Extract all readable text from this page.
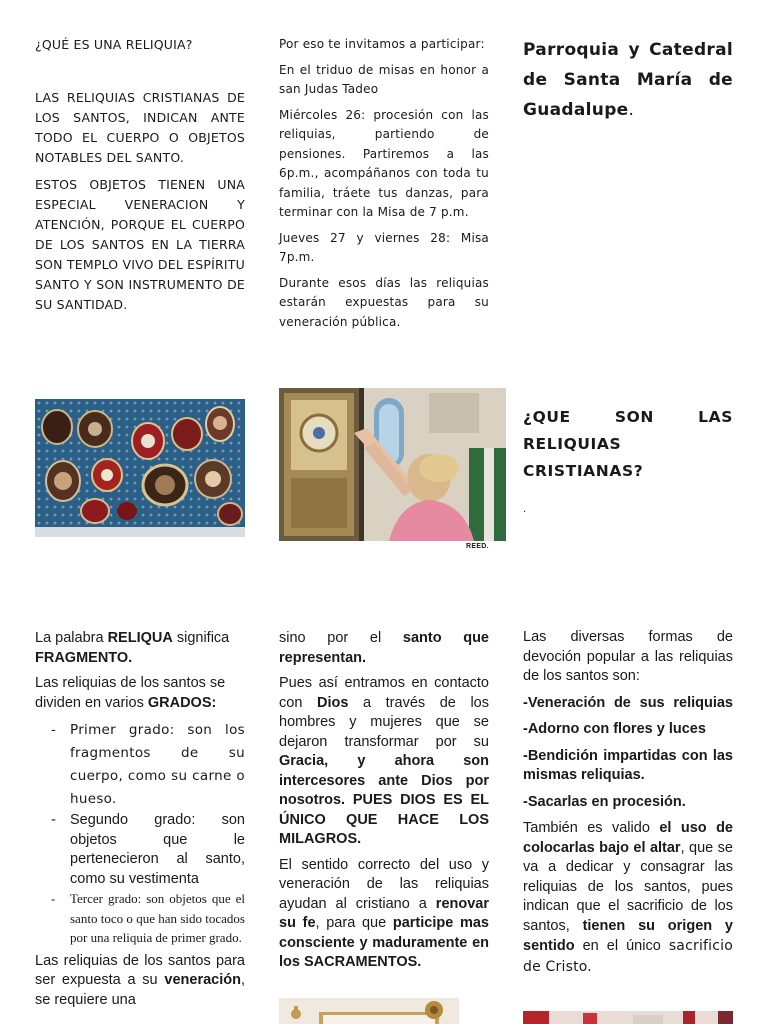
¿QUÉ ES UNA RELIQUIA?

LAS RELIQUIAS CRISTIANAS DE LOS SANTOS, INDICAN ANTE TODO EL CUERPO O OBJETOS NOTABLES DEL SANTO.

ESTOS OBJETOS TIENEN UNA ESPECIAL VENERACION Y ATENCIÓN, PORQUE EL CUERPO DE LOS SANTOS EN LA TIERRA SON TEMPLO VIVO DEL ESPÍRITU SANTO Y SON INSTRUMENTO DE SU SANTIDAD.

Por eso te invitamos a participar:

En el triduo de misas en honor a san Judas Tadeo

Miércoles 26: procesión con las reliquias, partiendo de pensiones. Partiremos a las 6p.m., acompáñanos con toda tu familia, tráete tus danzas, para terminar con la Misa de 7 p.m.

Jueves 27 y viernes 28: Misa 7p.m.

Durante esos días las reliquias estarán expuestas para su veneración pública.

Parroquia y Catedral de Santa María de Guadalupe.

¿QUE SON LAS RELIQUIAS CRISTIANAS?
.
REED.

La palabra RELIQUA significa FRAGMENTO.

Las reliquias de los santos se dividen en varios GRADOS:

- Primer grado: son los fragmentos de su cuerpo, como su carne o hueso.
- Segundo grado: son objetos que le pertenecieron al santo, como su vestimenta
- Tercer grado: son objetos que el santo toco o que han sido tocados por una reliquia de primer grado.

Las reliquias de los santos para ser expuesta a su veneración, se requiere una

sino por el santo que representan.

Pues así entramos en contacto con Dios a través de los hombres y mujeres que se dejaron transformar por su Gracia, y ahora son intercesores ante Dios por nosotros. PUES DIOS ES EL ÚNICO QUE HACE LOS MILAGROS.

El sentido correcto del uso y veneración de las reliquias ayudan al cristiano a renovar su fe, para que participe mas consciente y maduramente en los SACRAMENTOS.

Las diversas formas de devoción popular a las reliquias de los santos son:

-Veneración de sus reliquias

-Adorno con flores y luces

-Bendición impartidas con las mismas reliquias.

-Sacarlas en procesión.

También es valido el uso de colocarlas bajo el altar, que se va a dedicar y consagrar las reliquias de los santos, pues indican que el sacrificio de los santos, tienen su origen y sentido en el único sacrificio de Cristo.
